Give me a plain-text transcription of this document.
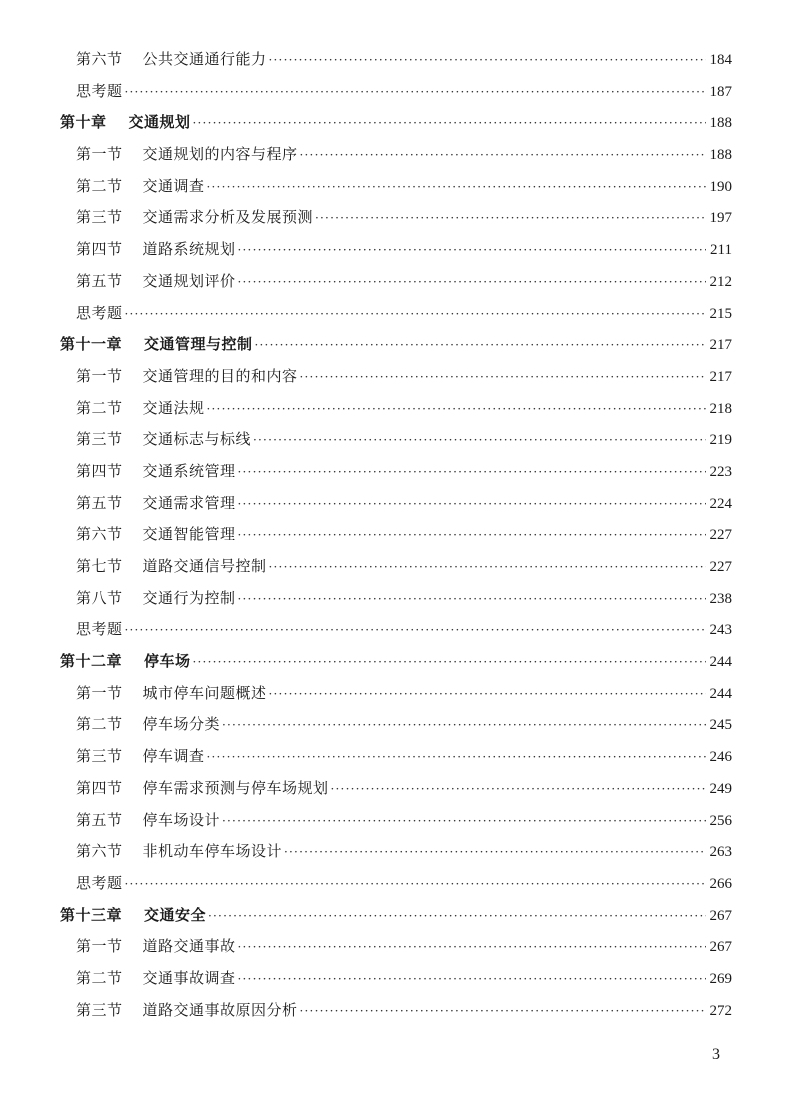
第六节 公共交通通行能力 ·····	184
思考题 ·····	187
第十章 交通规划 ·····	188
第一节 交通规划的内容与程序 ·····	188
第二节 交通调查 ·····	190
第三节 交通需求分析及发展预测 ·····	197
第四节 道路系统规划 ·····	211
第五节 交通规划评价 ·····	212
思考题 ·····	215
第十一章 交通管理与控制 ·····	217
第一节 交通管理的目的和内容 ·····	217
第二节 交通法规 ·····	218
第三节 交通标志与标线 ·····	219
第四节 交通系统管理 ·····	223
第五节 交通需求管理 ·····	224
第六节 交通智能管理 ·····	227
第七节 道路交通信号控制 ·····	227
第八节 交通行为控制 ·····	238
思考题 ·····	243
第十二章 停车场 ·····	244
第一节 城市停车问题概述 ·····	244
第二节 停车场分类 ·····	245
第三节 停车调查 ·····	246
第四节 停车需求预测与停车场规划 ·····	249
第五节 停车场设计 ·····	256
第六节 非机动车停车场设计 ·····	263
思考题 ·····	266
第十三章 交通安全 ·····	267
第一节 道路交通事故 ·····	267
第二节 交通事故调查 ·····	269
第三节 道路交通事故原因分析 ·····	272
3
